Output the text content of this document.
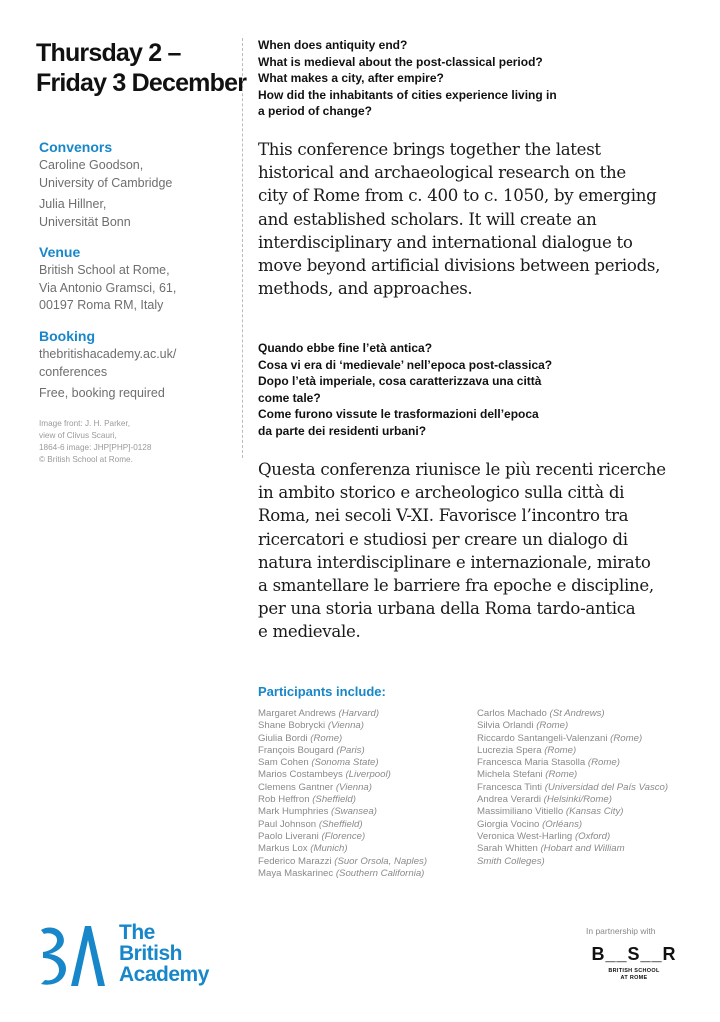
Thursday 2 –
Friday 3 December
Convenors
Caroline Goodson,
University of Cambridge
Julia Hillner,
Universität Bonn
Venue
British School at Rome,
Via Antonio Gramsci, 61,
00197 Roma RM, Italy
Booking
thebritishacademy.ac.uk/
conferences
Free, booking required
Image front: J. H. Parker,
view of Clivus Scauri,
1864-6 image: JHP[PHP]-0128
© British School at Rome.
When does antiquity end?
What is medieval about the post-classical period?
What makes a city, after empire?
How did the inhabitants of cities experience living in
a period of change?
This conference brings together the latest
historical and archaeological research on the
city of Rome from c. 400 to c. 1050, by emerging
and established scholars. It will create an
interdisciplinary and international dialogue to
move beyond artificial divisions between periods,
methods, and approaches.
Quando ebbe fine l’età antica?
Cosa vi era di ‘medievale’ nell’epoca post-classica?
Dopo l’età imperiale, cosa caratterizzava una città
come tale?
Come furono vissute le trasformazioni dell’epoca
da parte dei residenti urbani?
Questa conferenza riunisce le più recenti ricerche
in ambito storico e archeologico sulla città di
Roma, nei secoli V-XI. Favorisce l’incontro tra
ricercatori e studiosi per creare un dialogo di
natura interdisciplinare e internazionale, mirato
a smantellare le barriere fra epoche e discipline,
per una storia urbana della Roma tardo-antica
e medievale.
Participants include:
Margaret Andrews (Harvard)
Shane Bobrycki (Vienna)
Giulia Bordi (Rome)
François Bougard (Paris)
Sam Cohen (Sonoma State)
Marios Costambeys (Liverpool)
Clemens Gantner (Vienna)
Rob Heffron (Sheffield)
Mark Humphries (Swansea)
Paul Johnson (Sheffield)
Paolo Liverani (Florence)
Markus Lox (Munich)
Federico Marazzi (Suor Orsola, Naples)
Maya Maskarinec (Southern California)
Carlos Machado (St Andrews)
Silvia Orlandi (Rome)
Riccardo Santangeli-Valenzani (Rome)
Lucrezia Spera (Rome)
Francesca Maria Stasolla (Rome)
Michela Stefani (Rome)
Francesca Tinti (Universidad del País Vasco)
Andrea Verardi (Helsinki/Rome)
Massimiliano Vitiello (Kansas City)
Giorgia Vocino (Orléans)
Veronica West-Harling (Oxford)
Sarah Whitten (Hobart and William
Smith Colleges)
The
British
Academy
In partnership with
B__S__R
BRITISH SCHOOL
AT ROME
